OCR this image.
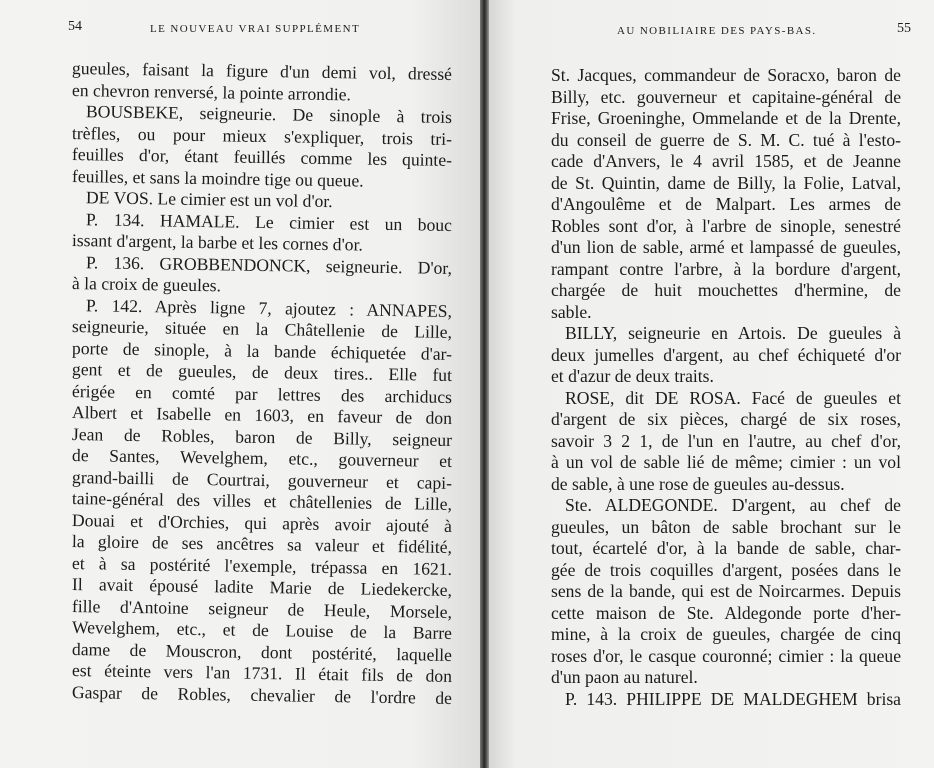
54	LE NOUVEAU VRAI SUPPLÉMENT
gueules, faisant la figure d'un demi vol, dressé
en chevron renversé, la pointe arrondie.
BOUSBEKE, seigneurie. De sinople à trois
trèfles, ou pour mieux s'expliquer, trois tri-
feuilles d'or, étant feuillés comme les quinte-
feuilles, et sans la moindre tige ou queue.
DE VOS. Le cimier est un vol d'or.
P. 134. HAMALE. Le cimier est un bouc
issant d'argent, la barbe et les cornes d'or.
P. 136. GROBBENDONCK, seigneurie. D'or,
à la croix de gueules.
P. 142. Après ligne 7, ajoutez : ANNAPES,
seigneurie, située en la Châtellenie de Lille,
porte de sinople, à la bande échiquetée d'ar-
gent et de gueules, de deux tires.. Elle fut
érigée en comté par lettres des archiducs
Albert et Isabelle en 1603, en faveur de don
Jean de Robles, baron de Billy, seigneur
de Santes, Wevelghem, etc., gouverneur et
grand-bailli de Courtrai, gouverneur et capi-
taine-général des villes et châtellenies de Lille,
Douai et d'Orchies, qui après avoir ajouté à
la gloire de ses ancêtres sa valeur et fidélité,
et à sa postérité l'exemple, trépassa en 1621.
Il avait épousé ladite Marie de Liedekercke,
fille d'Antoine seigneur de Heule, Morsele,
Wevelghem, etc., et de Louise de la Barre
dame de Mouscron, dont postérité, laquelle
est éteinte vers l'an 1731. Il était fils de don
Gaspar de Robles, chevalier de l'ordre de
AU NOBILIAIRE DES PAYS-BAS.	55
St. Jacques, commandeur de Soracxo, baron de
Billy, etc. gouverneur et capitaine-général de
Frise, Groeninghe, Ommelande et de la Drente,
du conseil de guerre de S. M. C. tué à l'esto-
cade d'Anvers, le 4 avril 1585, et de Jeanne
de St. Quintin, dame de Billy, la Folie, Latval,
d'Angoulême et de Malpart. Les armes de
Robles sont d'or, à l'arbre de sinople, senestré
d'un lion de sable, armé et lampassé de gueules,
rampant contre l'arbre, à la bordure d'argent,
chargée de huit mouchettes d'hermine, de
sable.
BILLY, seigneurie en Artois. De gueules à
deux jumelles d'argent, au chef échiqueté d'or
et d'azur de deux traits.
ROSE, dit DE ROSA. Facé de gueules et
d'argent de six pièces, chargé de six roses,
savoir 3 2 1, de l'un en l'autre, au chef d'or,
à un vol de sable lié de même; cimier : un vol
de sable, à une rose de gueules au-dessus.
Ste. ALDEGONDE. D'argent, au chef de
gueules, un bâton de sable brochant sur le
tout, écartelé d'or, à la bande de sable, char-
gée de trois coquilles d'argent, posées dans le
sens de la bande, qui est de Noircarmes. Depuis
cette maison de Ste. Aldegonde porte d'her-
mine, à la croix de gueules, chargée de cinq
roses d'or, le casque couronné; cimier : la queue
d'un paon au naturel.
P. 143. PHILIPPE DE MALDEGHEM brisa
